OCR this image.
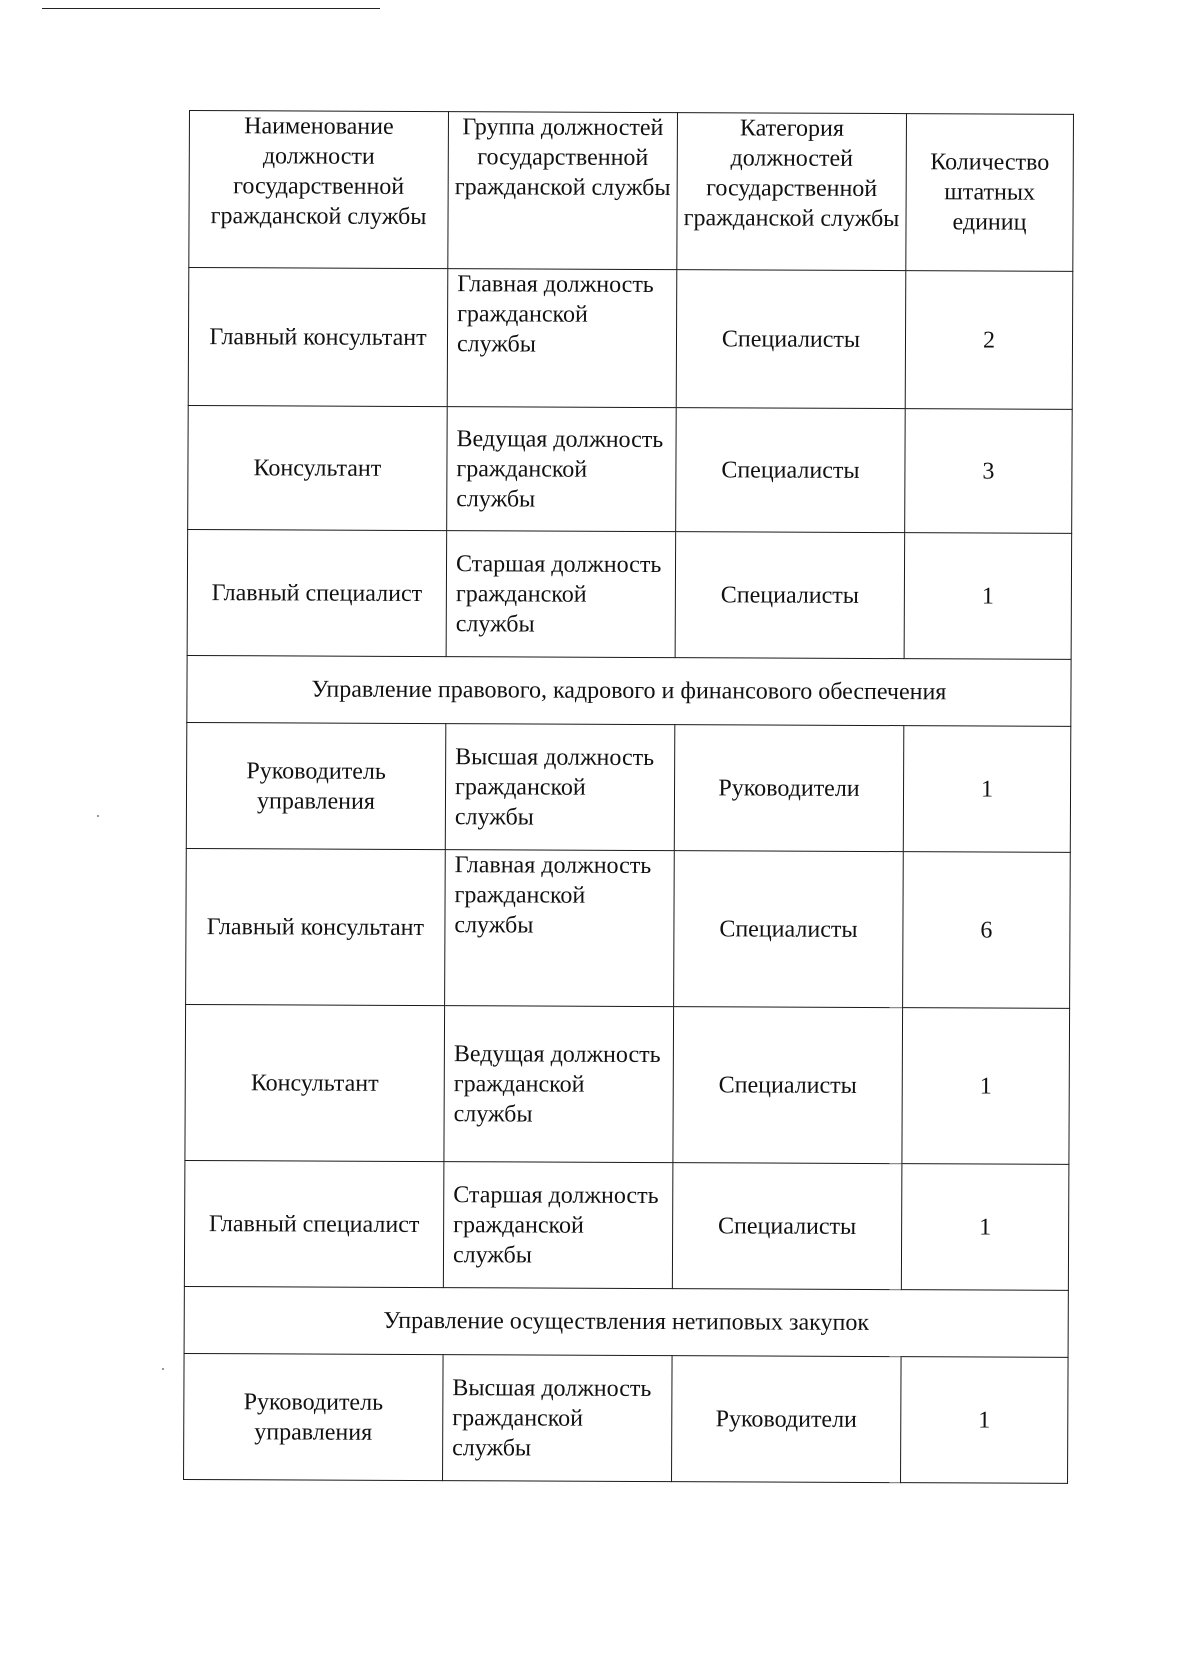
Наименование должности государственной гражданской службы	Группа должностей государственной гражданской службы	Категория должностей государственной гражданской службы	Количество штатных единиц
Главный консультант	Главная должность гражданской службы	Специалисты	2
Консультант	Ведущая должность гражданской службы	Специалисты	3
Главный специалист	Старшая должность гражданской службы	Специалисты	1
Управление правового, кадрового и финансового обеспечения			
Руководитель управления	Высшая должность гражданской службы	Руководители	1
Главный консультант	Главная должность гражданской службы	Специалисты	6
Консультант	Ведущая должность гражданской службы	Специалисты	1
Главный специалист	Старшая должность гражданской службы	Специалисты	1
Управление осуществления нетиповых закупок			
Руководитель управления	Высшая должность гражданской службы	Руководители	1
